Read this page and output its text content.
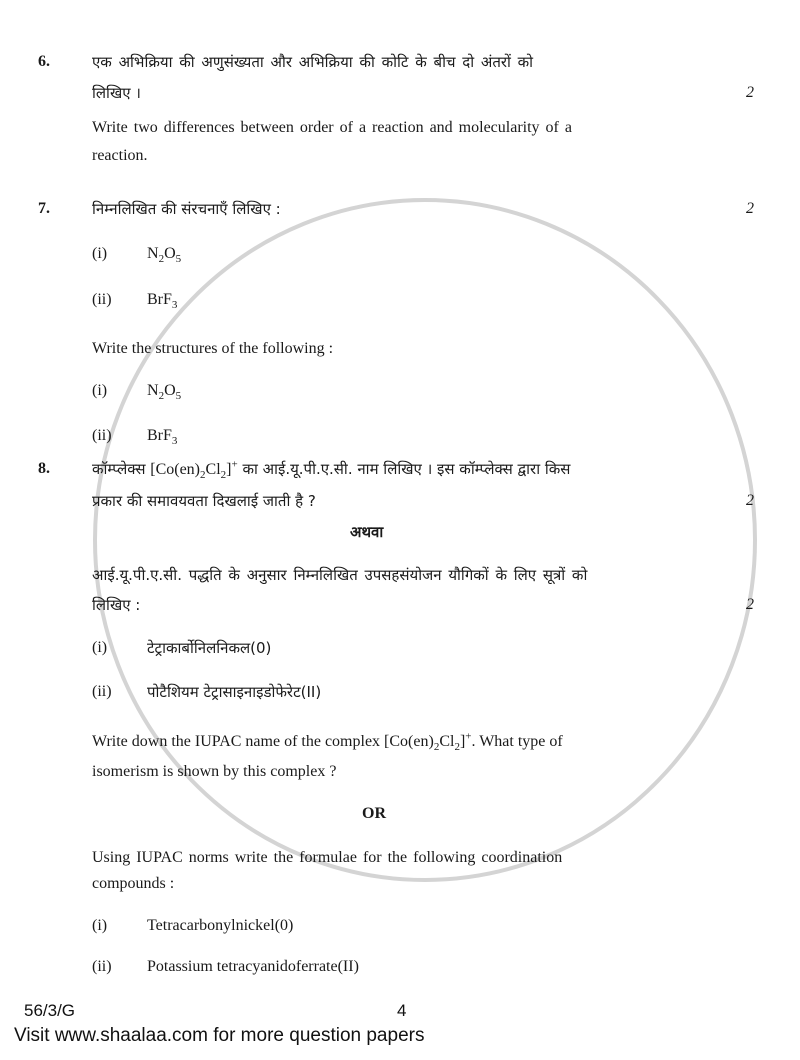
6.	एक अभिक्रिया की अणुसंख्यता और अभिक्रिया की कोटि के बीच दो अंतरों को
लिखिए ।	2
Write two differences between order of a reaction and molecularity of a
reaction.
7.	निम्नलिखित की संरचनाएँ लिखिए :	2
(i) $N_2O_5$
(ii) BrF$_3$
Write the structures of the following :
(i) $N_2O_5$
(ii) BrF$_3$
8.	कॉम्प्लेक्स $[Co(en)_2Cl_2]^+$ का आई.यू.पी.ए.सी. नाम लिखिए । इस कॉम्प्लेक्स द्वारा किस
प्रकार की समावयवता दिखलाई जाती है ?	2
अथवा
आई.यू.पी.ए.सी. पद्धति के अनुसार निम्नलिखित उपसहसंयोजन यौगिकों के लिए सूत्रों को
लिखिए :	2
(i)	टेट्राकार्बोनिलनिकल(0)
(ii) पोटैशियम टेट्रासाइनाइडोफेरेट(II)
Write down the IUPAC name of the complex $[Co(en)_2Cl_2]^+$. What type of
isomerism is shown by this complex ?
OR
Using IUPAC norms write the formulae for the following coordination
compounds :
(i) Tetracarbonylnickel(0)
(ii) Potassium tetracyanidoferrate(II)
56/3/G	4
Visit www.shaalaa.com for more question papers
